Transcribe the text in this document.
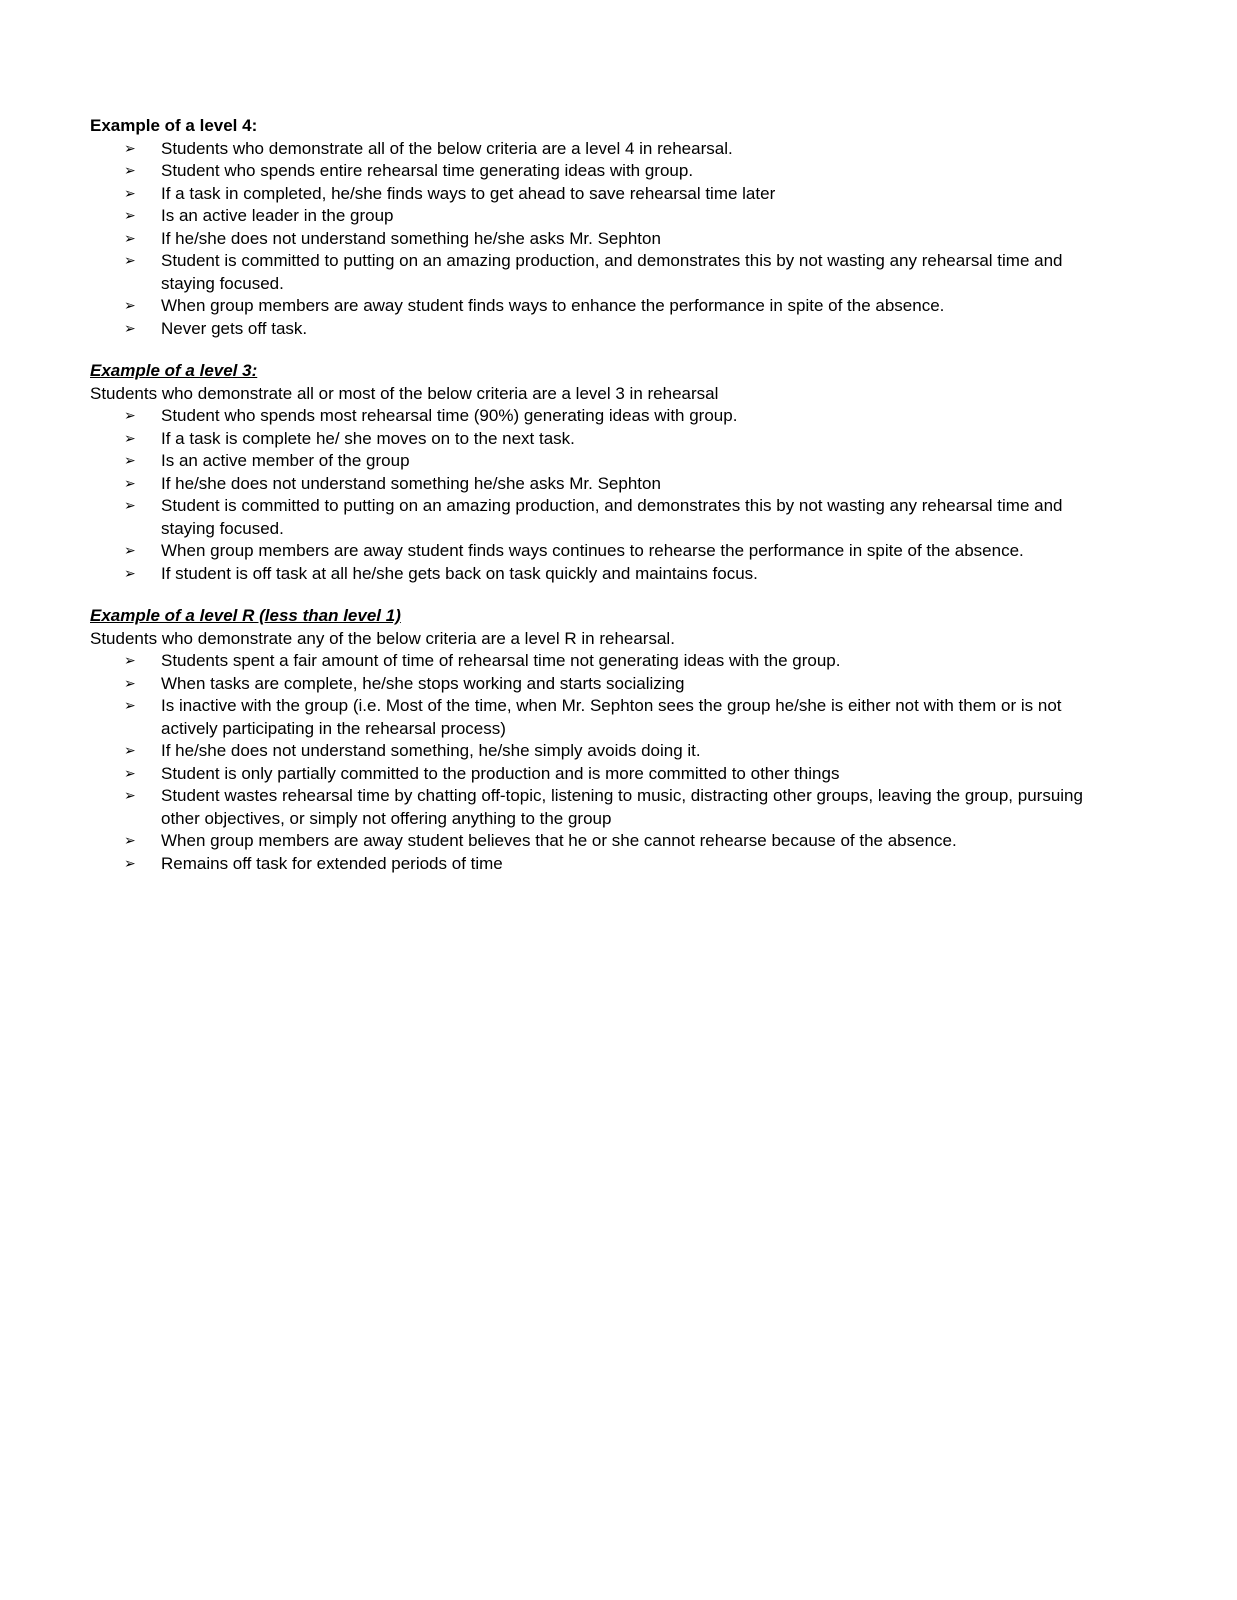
Example of a level 4:

➢ Students who demonstrate all of the below criteria are a level 4 in rehearsal.
➢ Student who spends entire rehearsal time generating ideas with group.
➢ If a task in completed, he/she finds ways to get ahead to save rehearsal time later
➢ Is an active leader in the group
➢ If he/she does not understand something he/she asks Mr. Sephton
➢ Student is committed to putting on an amazing production, and demonstrates this by not wasting any rehearsal time and staying focused.
➢ When group members are away student finds ways to enhance the performance in spite of the absence.
➢ Never gets off task.

Example of a level 3:

Students who demonstrate all or most of the below criteria are a level 3 in rehearsal

➢ Student who spends most rehearsal time (90%) generating ideas with group.
➢ If a task is complete he/ she moves on to the next task.
➢ Is an active member of the group
➢ If he/she does not understand something he/she asks Mr. Sephton
➢ Student is committed to putting on an amazing production, and demonstrates this by not wasting any rehearsal time and staying focused.
➢ When group members are away student finds ways continues to rehearse the performance in spite of the absence.
➢ If student is off task at all he/she gets back on task quickly and maintains focus.

Example of a level R (less than level 1)

Students who demonstrate any of the below criteria are a level R in rehearsal.

➢ Students spent a fair amount of time of rehearsal time not generating ideas with the group.
➢ When tasks are complete, he/she stops working and starts socializing
➢ Is inactive with the group (i.e. Most of the time, when Mr. Sephton sees the group he/she is either not with them or is not actively participating in the rehearsal process)
➢ If he/she does not understand something, he/she simply avoids doing it.
➢ Student is only partially committed to the production and is more committed to other things
➢ Student wastes rehearsal time by chatting off-topic, listening to music, distracting other groups, leaving the group, pursuing other objectives, or simply not offering anything to the group
➢ When group members are away student believes that he or she cannot rehearse because of the absence.
➢ Remains off task for extended periods of time
